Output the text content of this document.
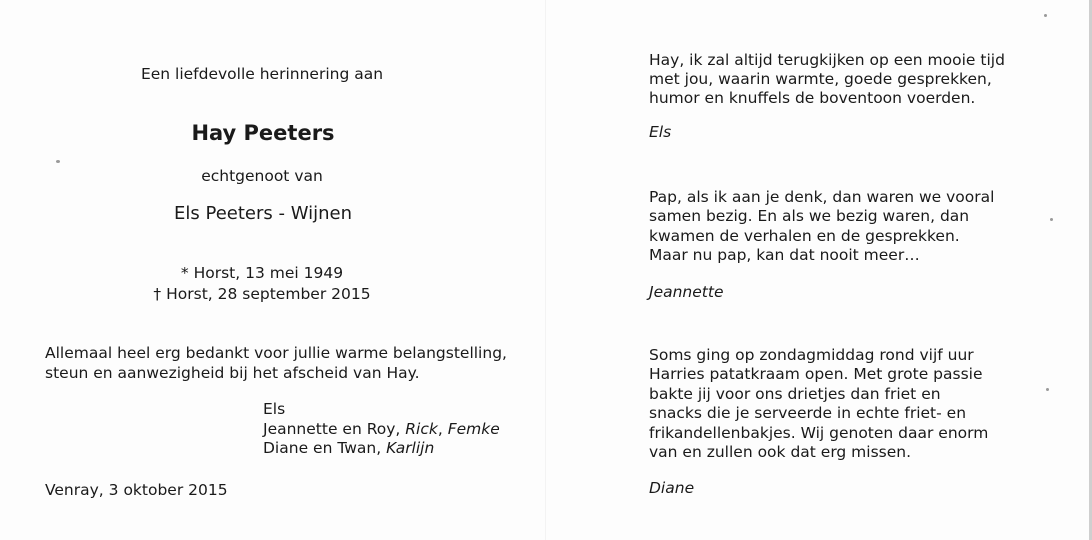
Een liefdevolle herinnering aan
Hay Peeters
echtgenoot van
Els Peeters - Wijnen
* Horst, 13 mei 1949
† Horst, 28 september 2015
Allemaal heel erg bedankt voor jullie warme belangstelling,
steun en aanwezigheid bij het afscheid van Hay.
Els
Jeannette en Roy, Rick, Femke
Diane en Twan, Karlijn
Venray, 3 oktober 2015
Hay, ik zal altijd terugkijken op een mooie tijd
met jou, waarin warmte, goede gesprekken,
humor en knuffels de boventoon voerden.
Els
Pap, als ik aan je denk, dan waren we vooral
samen bezig. En als we bezig waren, dan
kwamen de verhalen en de gesprekken.
Maar nu pap, kan dat nooit meer…
Jeannette
Soms ging op zondagmiddag rond vijf uur
Harries patatkraam open. Met grote passie
bakte jij voor ons drietjes dan friet en
snacks die je serveerde in echte friet- en
frikandellenbakjes. Wij genoten daar enorm
van en zullen ook dat erg missen.
Diane
